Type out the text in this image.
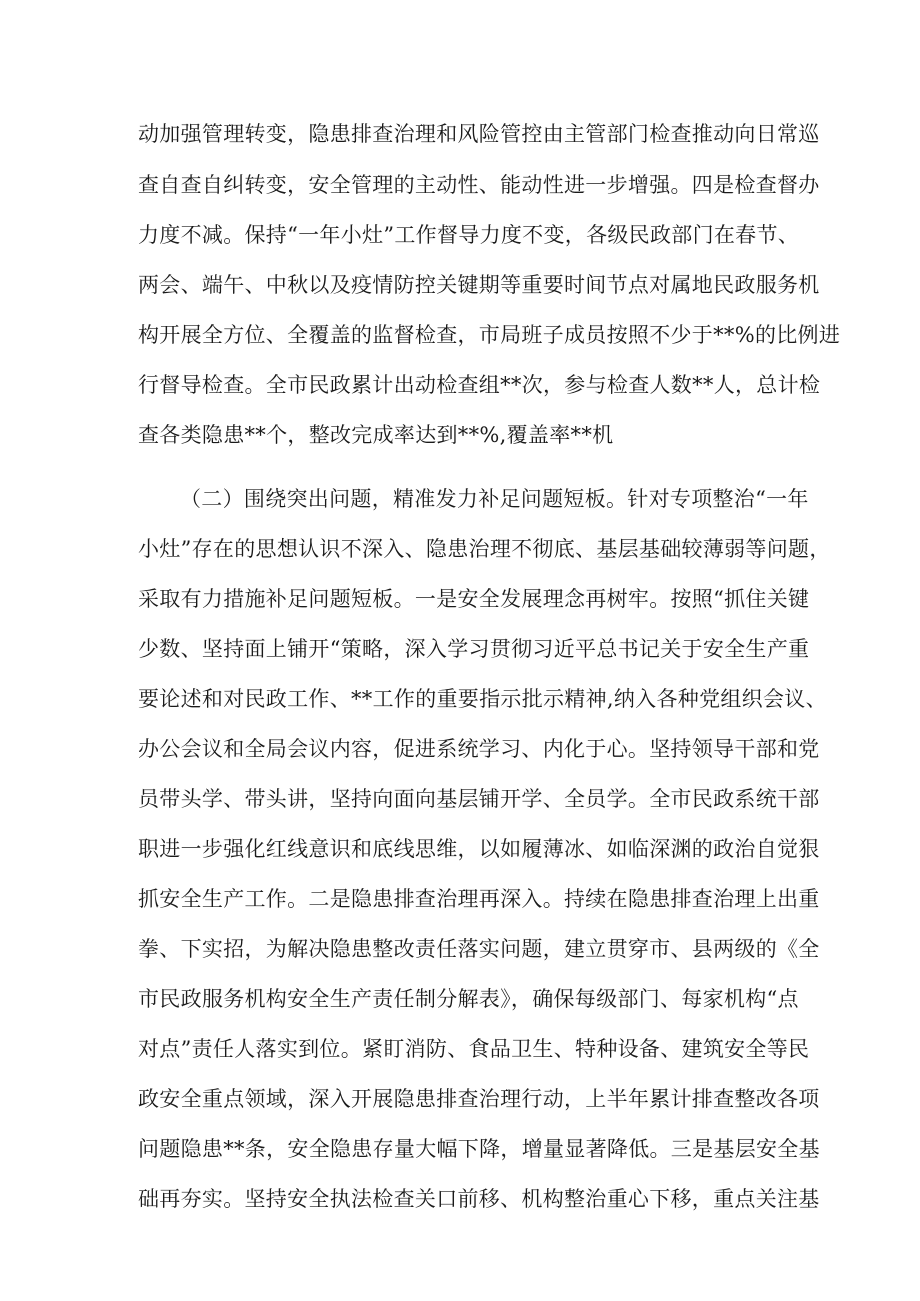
动加强管理转变，隐患排查治理和风险管控由主管部门检查推动向日常巡
查自查自纠转变，安全管理的主动性、能动性进一步增强。四是检查督办
力度不减。保持“一年小灶”工作督导力度不变，各级民政部门在春节、
两会、端午、中秋以及疫情防控关键期等重要时间节点对属地民政服务机
构开展全方位、全覆盖的监督检查，市局班子成员按照不少于**%的比例进
行督导检查。全市民政累计出动检查组**次，参与检查人数**人，总计检
查各类隐患**个，整改完成率达到**%,覆盖率**机
（二）围绕突出问题，精准发力补足问题短板。针对专项整治“一年
小灶”存在的思想认识不深入、隐患治理不彻底、基层基础较薄弱等问题，
采取有力措施补足问题短板。一是安全发展理念再树牢。按照“抓住关键
少数、坚持面上铺开“策略，深入学习贯彻习近平总书记关于安全生产重
要论述和对民政工作、**工作的重要指示批示精神,纳入各种党组织会议、
办公会议和全局会议内容，促进系统学习、内化于心。坚持领导干部和党
员带头学、带头讲，坚持向面向基层铺开学、全员学。全市民政系统干部
职进一步强化红线意识和底线思维，以如履薄冰、如临深渊的政治自觉狠
抓安全生产工作。二是隐患排查治理再深入。持续在隐患排查治理上出重
拳、下实招，为解决隐患整改责任落实问题，建立贯穿市、县两级的《全
市民政服务机构安全生产责任制分解表》，确保每级部门、每家机构“点
对点”责任人落实到位。紧盯消防、食品卫生、特种设备、建筑安全等民
政安全重点领域，深入开展隐患排查治理行动，上半年累计排查整改各项
问题隐患**条，安全隐患存量大幅下降，增量显著降低。三是基层安全基
础再夯实。坚持安全执法检查关口前移、机构整治重心下移，重点关注基
